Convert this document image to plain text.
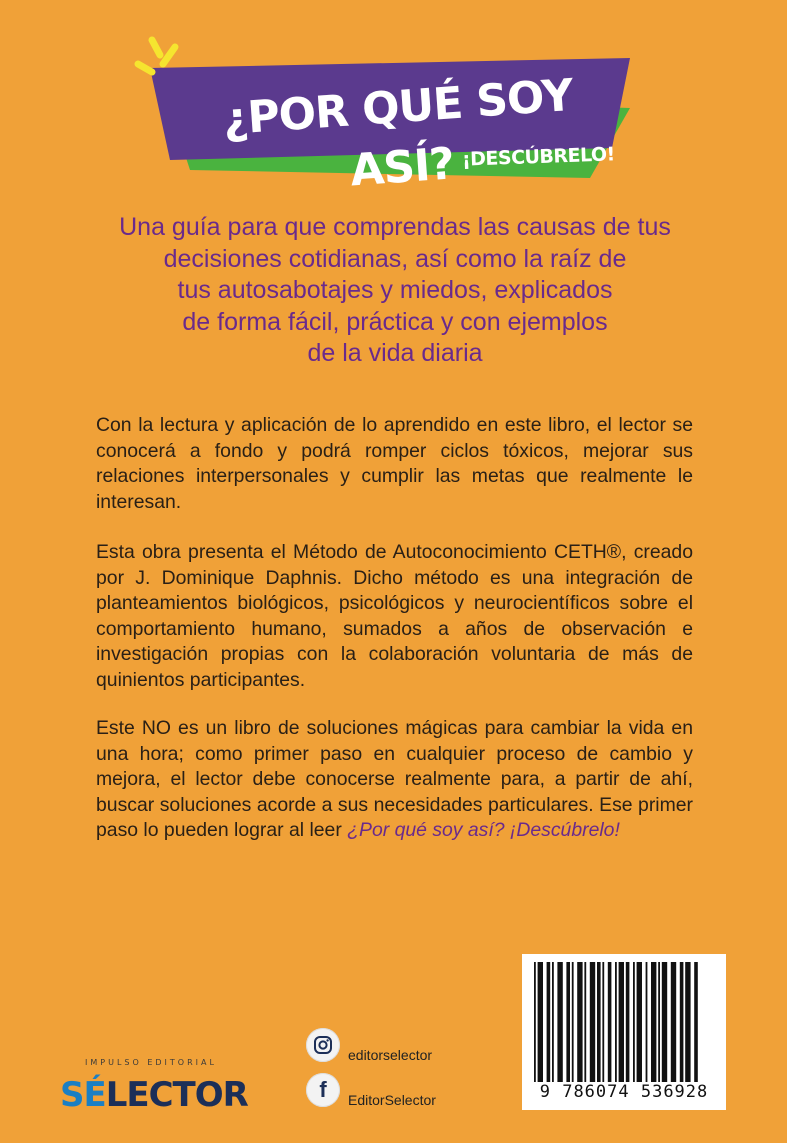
¿POR QUÉ SOY ASÍ? ¡DESCÚBRELO!
Una guía para que comprendas las causas de tus
decisiones cotidianas, así como la raíz de
tus autosabotajes y miedos, explicados
de forma fácil, práctica y con ejemplos
de la vida diaria
Con la lectura y aplicación de lo aprendido en este libro, el lector se conocerá a fondo y podrá romper ciclos tóxicos, mejorar sus relaciones interpersonales y cumplir las metas que realmente le interesan.
Esta obra presenta el Método de Autoconocimiento CETH®, creado por J. Dominique Daphnis. Dicho método es una integración de planteamientos biológicos, psicológicos y neurocientíficos sobre el comportamiento humano, sumados a años de observación e investigación propias con la colaboración voluntaria de más de quinientos participantes.
Este NO es un libro de soluciones mágicas para cambiar la vida en una hora; como primer paso en cualquier proceso de cambio y mejora, el lector debe conocerse realmente para, a partir de ahí, buscar soluciones acorde a sus necesidades particulares. Ese primer paso lo pueden lograr al leer ¿Por qué soy así? ¡Descúbrelo!
9 786074 536928
IMPULSO EDITORIAL
SÉLECTOR
editorselector
f EditorSelector
